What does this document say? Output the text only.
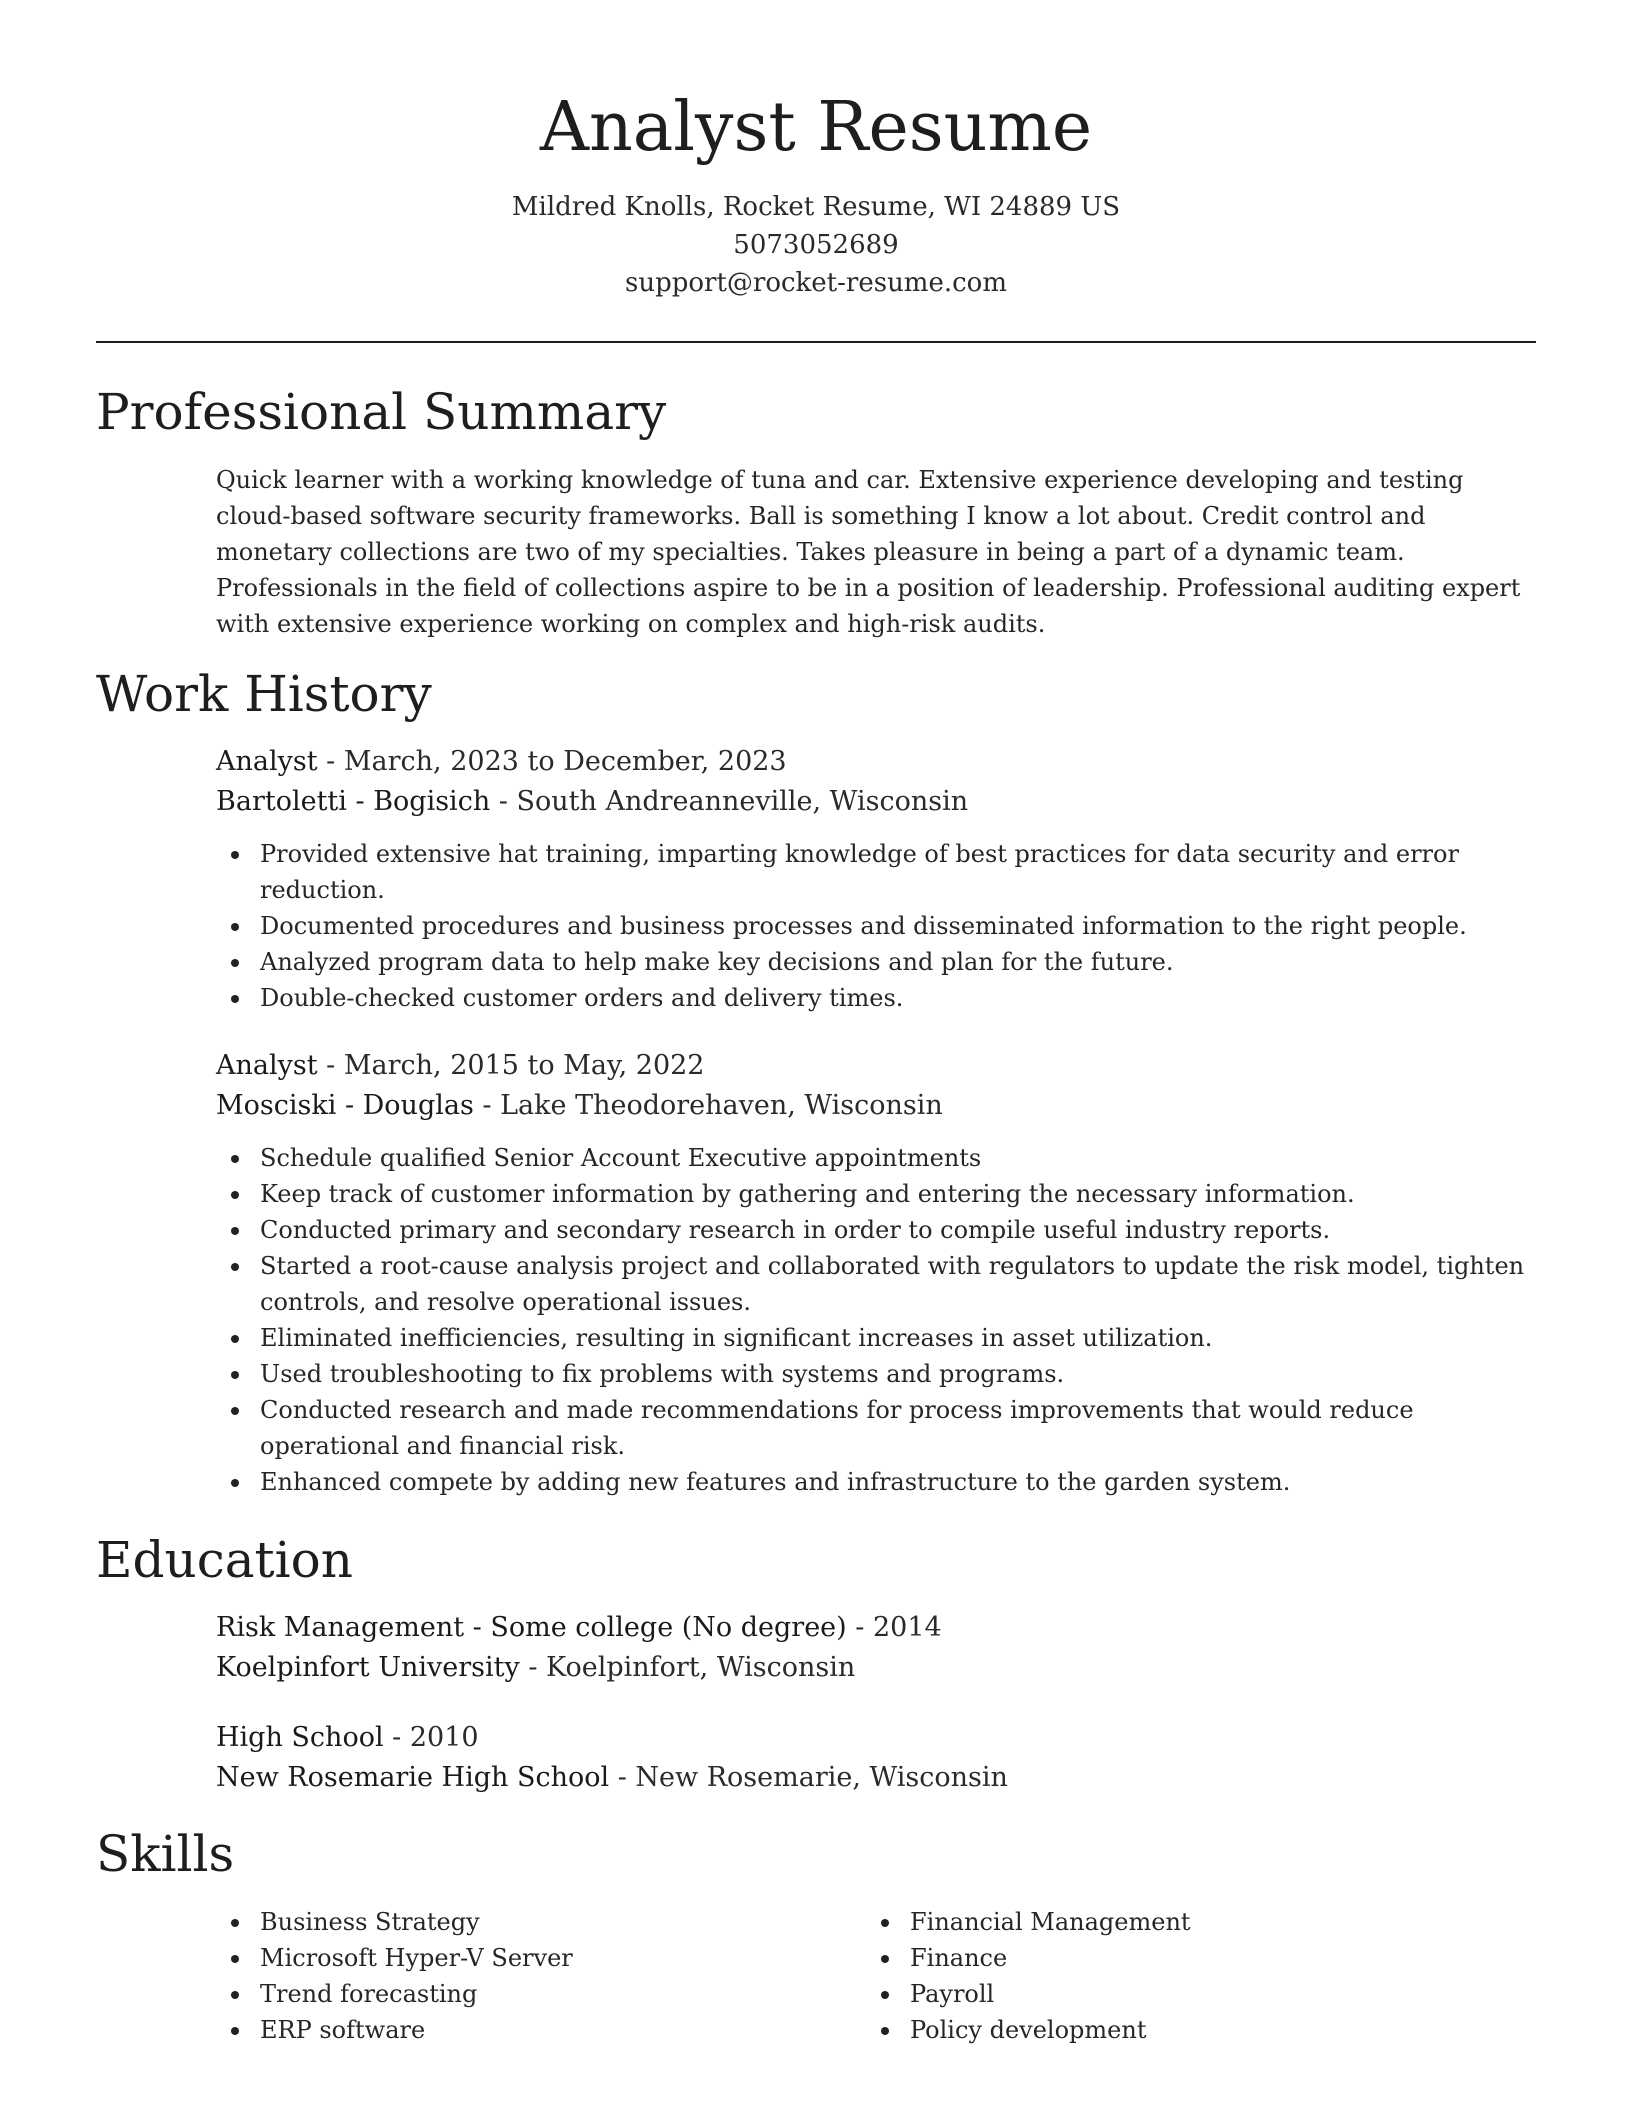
Analyst Resume
Mildred Knolls, Rocket Resume, WI 24889 US
5073052689
support@rocket-resume.com
Professional Summary
Quick learner with a working knowledge of tuna and car. Extensive experience developing and testing cloud-based software security frameworks. Ball is something I know a lot about. Credit control and monetary collections are two of my specialties. Takes pleasure in being a part of a dynamic team. Professionals in the field of collections aspire to be in a position of leadership. Professional auditing expert with extensive experience working on complex and high-risk audits.
Work History
Analyst - March, 2023 to December, 2023
Bartoletti - Bogisich - South Andreanneville, Wisconsin
Provided extensive hat training, imparting knowledge of best practices for data security and error reduction.
Documented procedures and business processes and disseminated information to the right people.
Analyzed program data to help make key decisions and plan for the future.
Double-checked customer orders and delivery times.
Analyst - March, 2015 to May, 2022
Mosciski - Douglas - Lake Theodorehaven, Wisconsin
Schedule qualified Senior Account Executive appointments
Keep track of customer information by gathering and entering the necessary information.
Conducted primary and secondary research in order to compile useful industry reports.
Started a root-cause analysis project and collaborated with regulators to update the risk model, tighten controls, and resolve operational issues.
Eliminated inefficiencies, resulting in significant increases in asset utilization.
Used troubleshooting to fix problems with systems and programs.
Conducted research and made recommendations for process improvements that would reduce operational and financial risk.
Enhanced compete by adding new features and infrastructure to the garden system.
Education
Risk Management - Some college (No degree) - 2014
Koelpinfort University - Koelpinfort, Wisconsin
High School - 2010
New Rosemarie High School - New Rosemarie, Wisconsin
Skills
Business Strategy
Microsoft Hyper-V Server
Trend forecasting
ERP software
Financial Management
Finance
Payroll
Policy development
